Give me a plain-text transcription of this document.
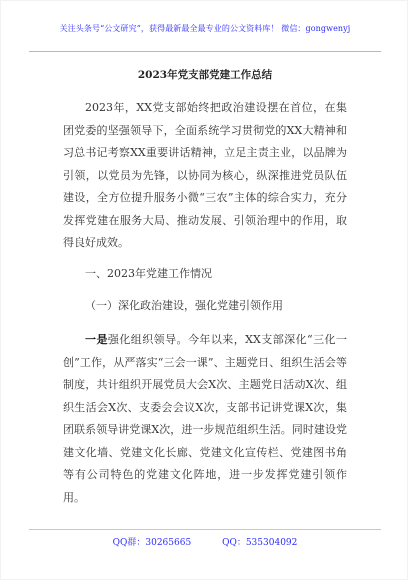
关注头条号“公文研究”，获得最新最全最专业的公文资料库！ 微信：gongwenyj
2023年党支部党建工作总结

2023年，XX党支部始终把政治建设摆在首位，在集团党委的坚强领导下，全面系统学习贯彻党的XX大精神和习总书记考察XX重要讲话精神，立足主责主业，以品牌为引领，以党员为先锋，以协同为核心，纵深推进党员队伍建设，全方位提升服务小微“三农”主体的综合实力，充分发挥党建在服务大局、推动发展、引领治理中的作用，取得良好成效。

一、2023年党建工作情况
（一）深化政治建设，强化党建引领作用

一是强化组织领导。今年以来，XX支部深化“三化一创”工作，从严落实“三会一课”、主题党日、组织生活会等制度，共计组织开展党员大会X次、主题党日活动X次、组织生活会X次、支委会会议X次，支部书记讲党课X次，集团联系领导讲党课X次，进一步规范组织生活。同时建设党建文化墙、党建文化长廊、党建文化宣传栏、党建图书角等有公司特色的党建文化阵地，进一步发挥党建引领作用。

QQ群：30265665	QQ：535304092
